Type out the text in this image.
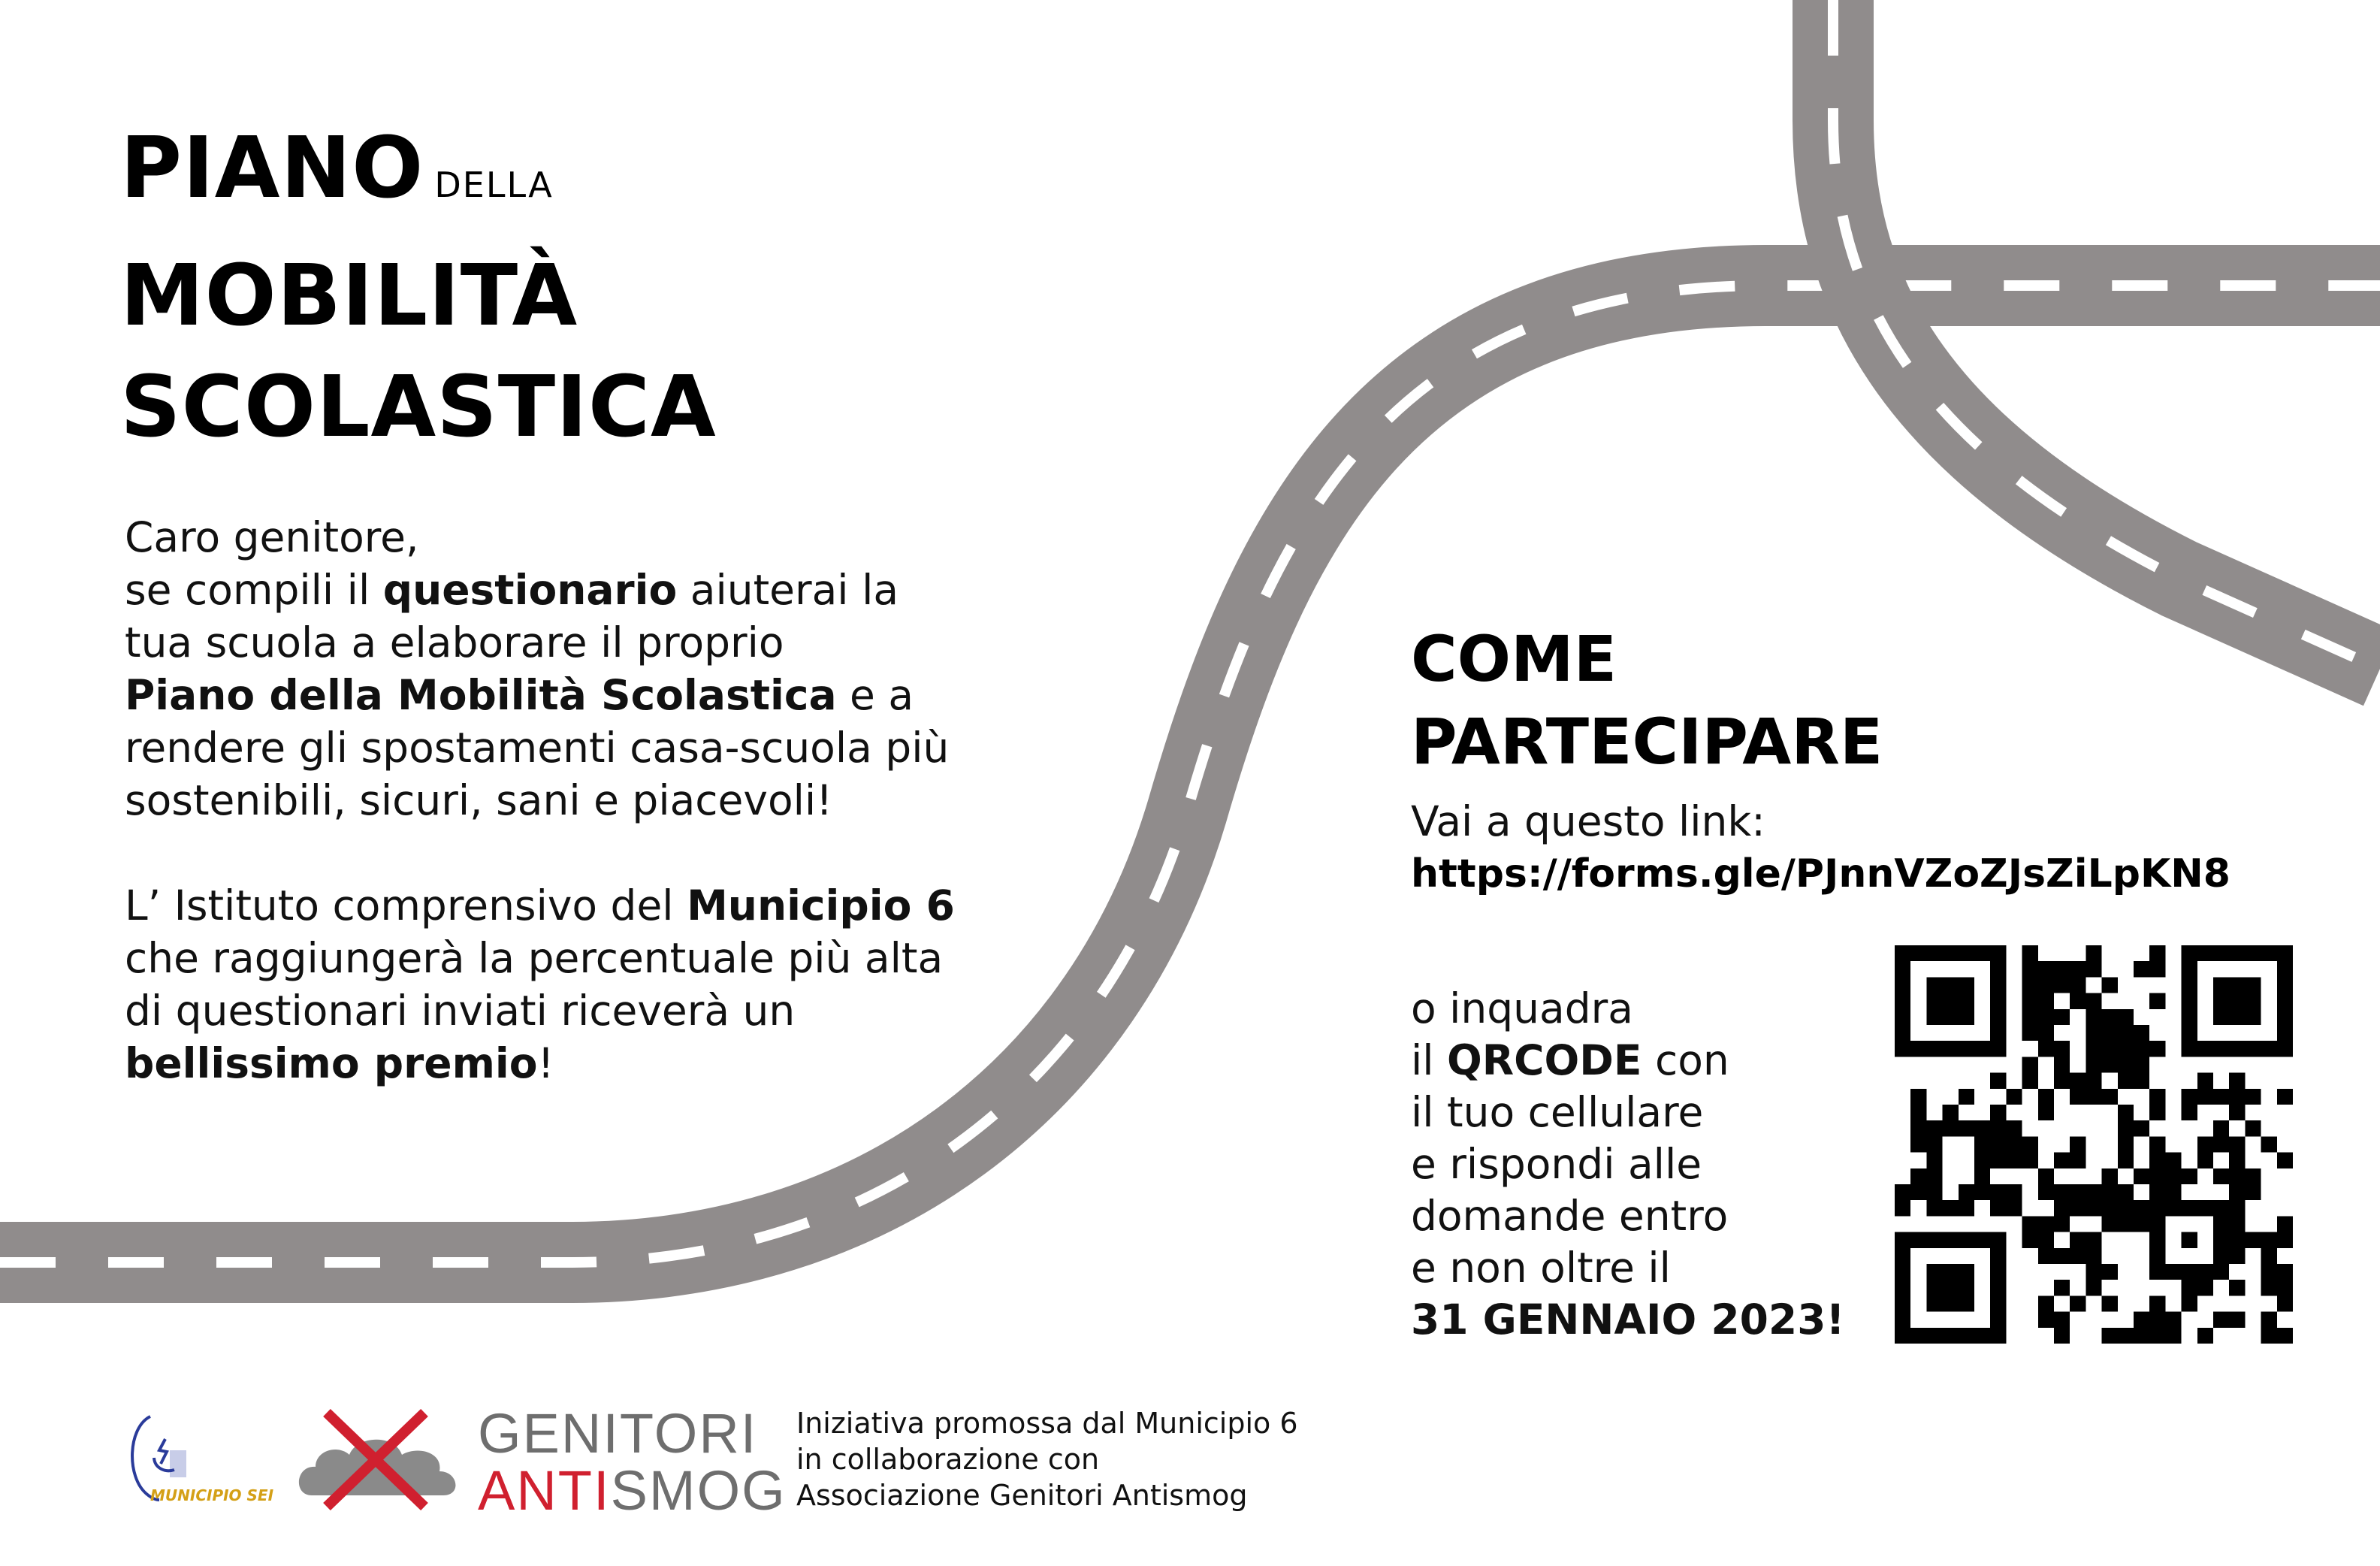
PIANO DELLA
MOBILITÀ
SCOLASTICA

Caro genitore,
se compili il questionario aiuterai la
tua scuola a elaborare il proprio
Piano della Mobilità Scolastica e a
rendere gli spostamenti casa-scuola più
sostenibili, sicuri, sani e piacevoli!

L’ Istituto comprensivo del Municipio 6
che raggiungerà la percentuale più alta
di questionari inviati riceverà un
bellissimo premio!

COME
PARTECIPARE
Vai a questo link:
https://forms.gle/PJnnVZoZJsZiLpKN8
o inquadra
il QRCODE con
il tuo cellulare
e rispondi alle
domande entro
e non oltre il
31 GENNAIO 2023!
MUNICIPIO SEI
GENITORI
ANTISMOG
Iniziativa promossa dal Municipio 6
in collaborazione con
Associazione Genitori Antismog
